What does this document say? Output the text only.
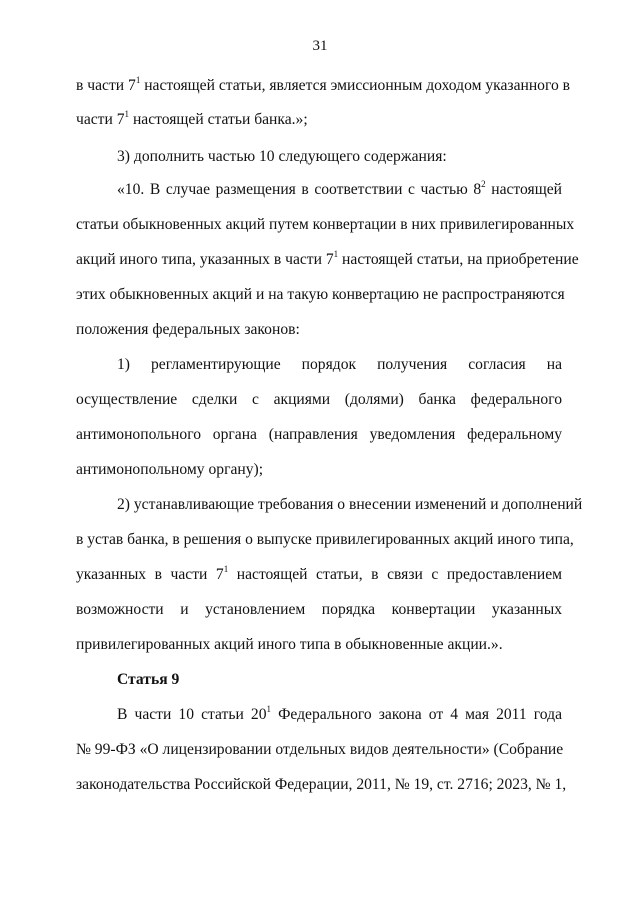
31
в части $7^1$ настоящей статьи, является эмиссионным доходом указанного в
части $7^1$ настоящей статьи банка.»;
3) дополнить частью 10 следующего содержания:
«10. В случае размещения в соответствии с частью $8^2$ настоящей
статьи обыкновенных акций путем конвертации в них привилегированных
акций иного типа, указанных в части $7^1$ настоящей статьи, на приобретение
этих обыкновенных акций и на такую конвертацию не распространяются
положения федеральных законов:
1) регламентирующие порядок получения согласия на
осуществление сделки с акциями (долями) банка федерального
антимонопольного органа (направления уведомления федеральному
антимонопольному органу);
2) устанавливающие требования о внесении изменений и дополнений
в устав банка, в решения о выпуске привилегированных акций иного типа,
указанных в части $7^1$ настоящей статьи, в связи с предоставлением
возможности и установлением порядка конвертации указанных
привилегированных акций иного типа в обыкновенные акции.».
Статья 9
В части 10 статьи $20^1$ Федерального закона от 4 мая 2011 года
№ 99-ФЗ «О лицензировании отдельных видов деятельности» (Собрание
законодательства Российской Федерации, 2011, № 19, ст. 2716; 2023, № 1,
